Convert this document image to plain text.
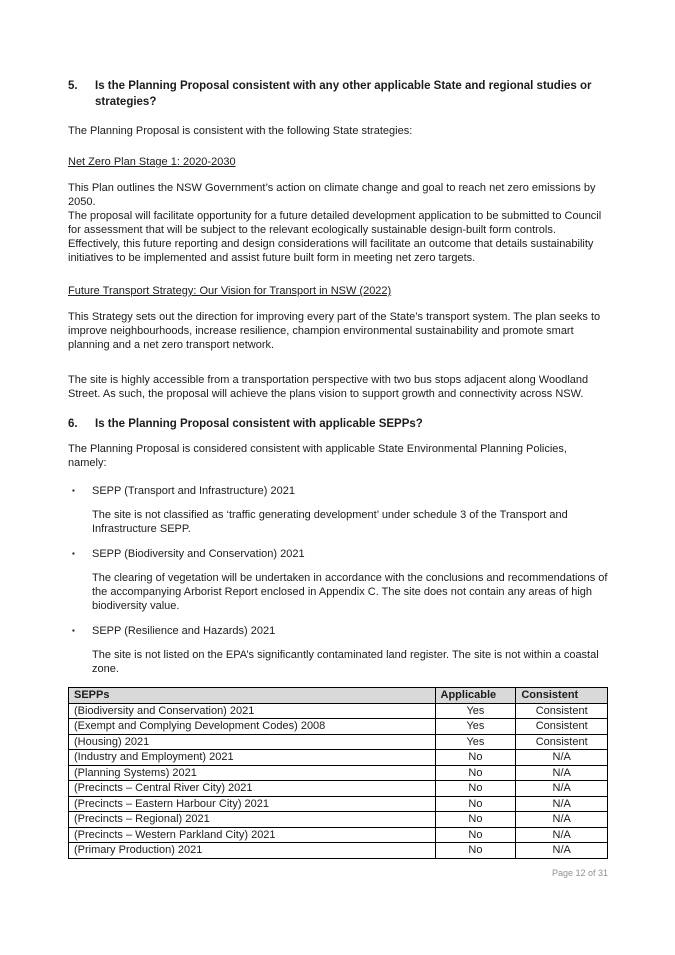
5.	Is the Planning Proposal consistent with any other applicable State and regional studies or strategies?

The Planning Proposal is consistent with the following State strategies:

Net Zero Plan Stage 1: 2020-2030

This Plan outlines the NSW Government’s action on climate change and goal to reach net zero emissions by 2050.

The proposal will facilitate opportunity for a future detailed development application to be submitted to Council for assessment that will be subject to the relevant ecologically sustainable design-built form controls. Effectively, this future reporting and design considerations will facilitate an outcome that details sustainability initiatives to be implemented and assist future built form in meeting net zero targets.

Future Transport Strategy: Our Vision for Transport in NSW (2022)

This Strategy sets out the direction for improving every part of the State’s transport system. The plan seeks to improve neighbourhoods, increase resilience, champion environmental sustainability and promote smart planning and a net zero transport network.

The site is highly accessible from a transportation perspective with two bus stops adjacent along Woodland Street. As such, the proposal will achieve the plans vision to support growth and connectivity across NSW.

6.	Is the Planning Proposal consistent with applicable SEPPs?

The Planning Proposal is considered consistent with applicable State Environmental Planning Policies, namely:

▪	SEPP (Transport and Infrastructure) 2021

The site is not classified as ‘traffic generating development’ under schedule 3 of the Transport and Infrastructure SEPP.

▪	SEPP (Biodiversity and Conservation) 2021

The clearing of vegetation will be undertaken in accordance with the conclusions and recommendations of the accompanying Arborist Report enclosed in Appendix C. The site does not contain any areas of high biodiversity value.

▪	SEPP (Resilience and Hazards) 2021

The site is not listed on the EPA’s significantly contaminated land register. The site is not within a coastal zone.

SEPPs	Applicable	Consistent
(Biodiversity and Conservation) 2021	Yes	Consistent
(Exempt and Complying Development Codes) 2008	Yes	Consistent
(Housing) 2021	Yes	Consistent
(Industry and Employment) 2021	No	N/A
(Planning Systems) 2021	No	N/A
(Precincts – Central River City) 2021	No	N/A
(Precincts – Eastern Harbour City) 2021	No	N/A
(Precincts – Regional) 2021	No	N/A
(Precincts – Western Parkland City) 2021	No	N/A
(Primary Production) 2021	No	N/A
Page 12 of 31
